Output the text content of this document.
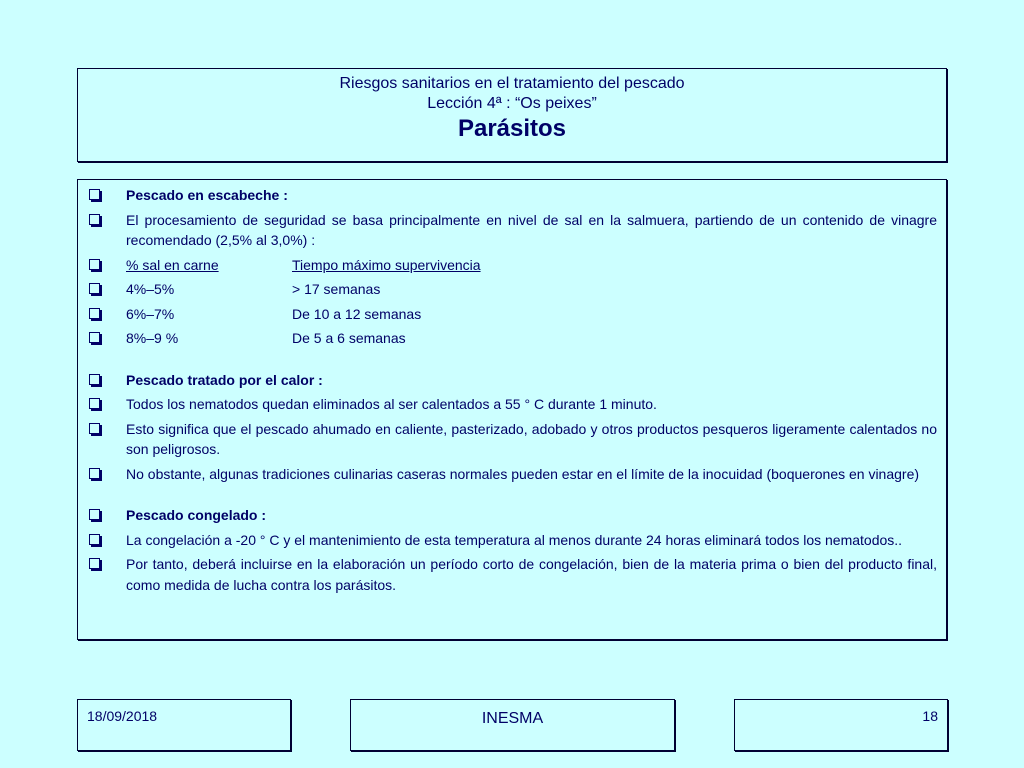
Riesgos sanitarios en el tratamiento del pescado
Lección 4ª : “Os peixes”
Parásitos
Pescado en escabeche :
El procesamiento de seguridad se basa principalmente en nivel de sal en la salmuera, partiendo de un contenido de vinagre recomendado (2,5% al 3,0%) :
% sal en carne	Tiempo máximo supervivencia
4%–5%	> 17 semanas
6%–7%	De 10 a 12 semanas
8%–9 %	De 5 a 6 semanas
Pescado tratado por el calor :
Todos los nematodos quedan eliminados al ser calentados a 55 ° C durante 1 minuto.
Esto significa que el pescado ahumado en caliente, pasterizado, adobado y otros productos pesqueros ligeramente calentados no son peligrosos.
No obstante, algunas tradiciones culinarias caseras normales pueden estar en el límite de la inocuidad (boquerones en vinagre)
Pescado congelado :
La congelación a -20 ° C y el mantenimiento de esta temperatura al menos durante 24 horas eliminará todos los nematodos..
Por tanto, deberá incluirse en la elaboración un período corto de congelación, bien de la materia prima o bien del producto final, como medida de lucha contra los parásitos.
18/09/2018	INESMA	18
